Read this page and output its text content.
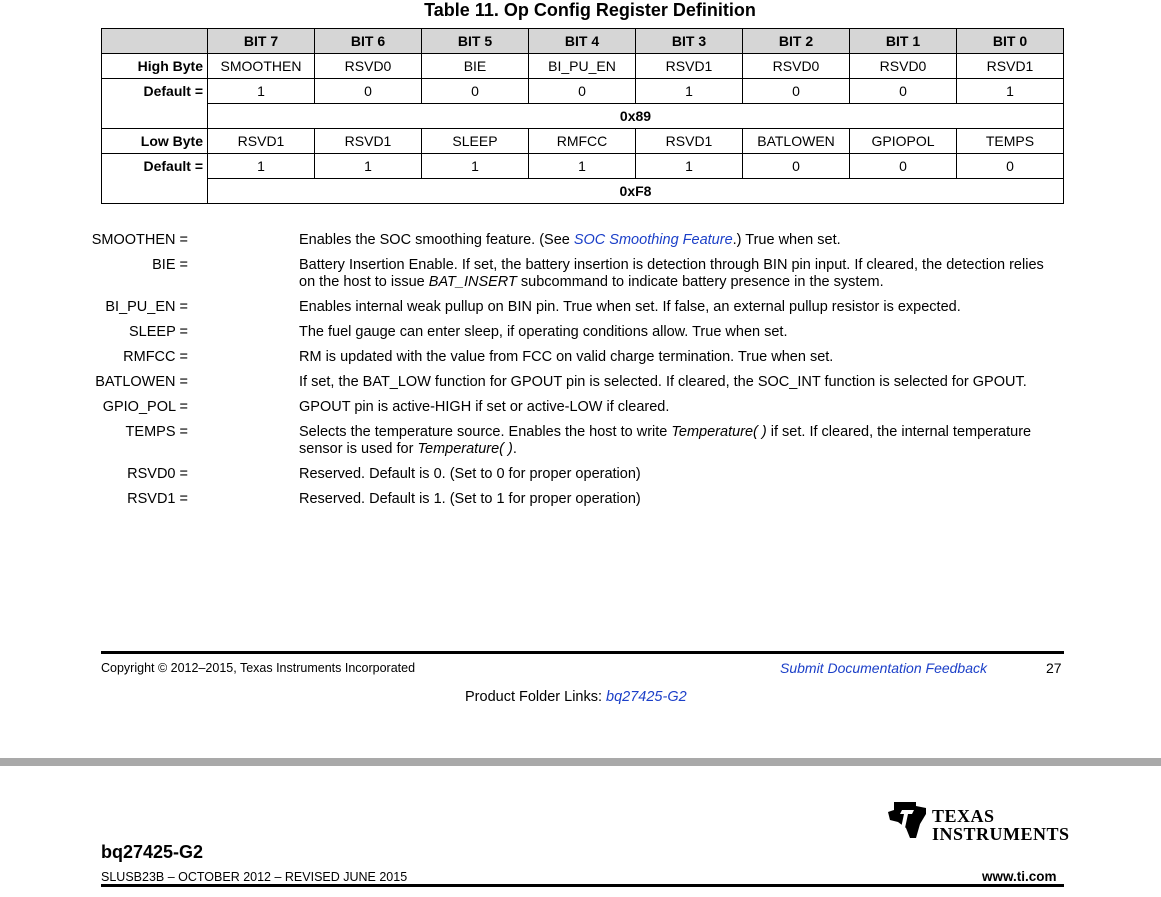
Table 11. Op Config Register Definition
	BIT 7	BIT 6	BIT 5	BIT 4	BIT 3	BIT 2	BIT 1	BIT 0
High Byte	SMOOTHEN	RSVD0	BIE	BI_PU_EN	RSVD1	RSVD0	RSVD0	RSVD1
Default =	1	0	0	0	1	0	0	1
	0x89							
Low Byte	RSVD1	RSVD1	SLEEP	RMFCC	RSVD1	BATLOWEN	GPIOPOL	TEMPS
Default =	1	1	1	1	1	0	0	0
	0xF8							
SMOOTHEN =	Enables the SOC smoothing feature. (See SOC Smoothing Feature.) True when set.
BIE =	Battery Insertion Enable. If set, the battery insertion is detection through BIN pin input. If cleared, the detection relies on the host to issue BAT_INSERT subcommand to indicate battery presence in the system.
BI_PU_EN =	Enables internal weak pullup on BIN pin. True when set. If false, an external pullup resistor is expected.
SLEEP =	The fuel gauge can enter sleep, if operating conditions allow. True when set.
RMFCC =	RM is updated with the value from FCC on valid charge termination. True when set.
BATLOWEN =	If set, the BAT_LOW function for GPOUT pin is selected. If cleared, the SOC_INT function is selected for GPOUT.
GPIO_POL =	GPOUT pin is active-HIGH if set or active-LOW if cleared.
TEMPS =	Selects the temperature source. Enables the host to write Temperature( ) if set. If cleared, the internal temperature sensor is used for Temperature( ).
RSVD0 =	Reserved. Default is 0. (Set to 0 for proper operation)
RSVD1 =	Reserved. Default is 1. (Set to 1 for proper operation)
Copyright © 2012–2015, Texas Instruments Incorporated	Submit Documentation Feedback	27
Product Folder Links: bq27425-G2
TEXAS
INSTRUMENTS
bq27425-G2
SLUSB23B – OCTOBER 2012 – REVISED JUNE 2015	www.ti.com
